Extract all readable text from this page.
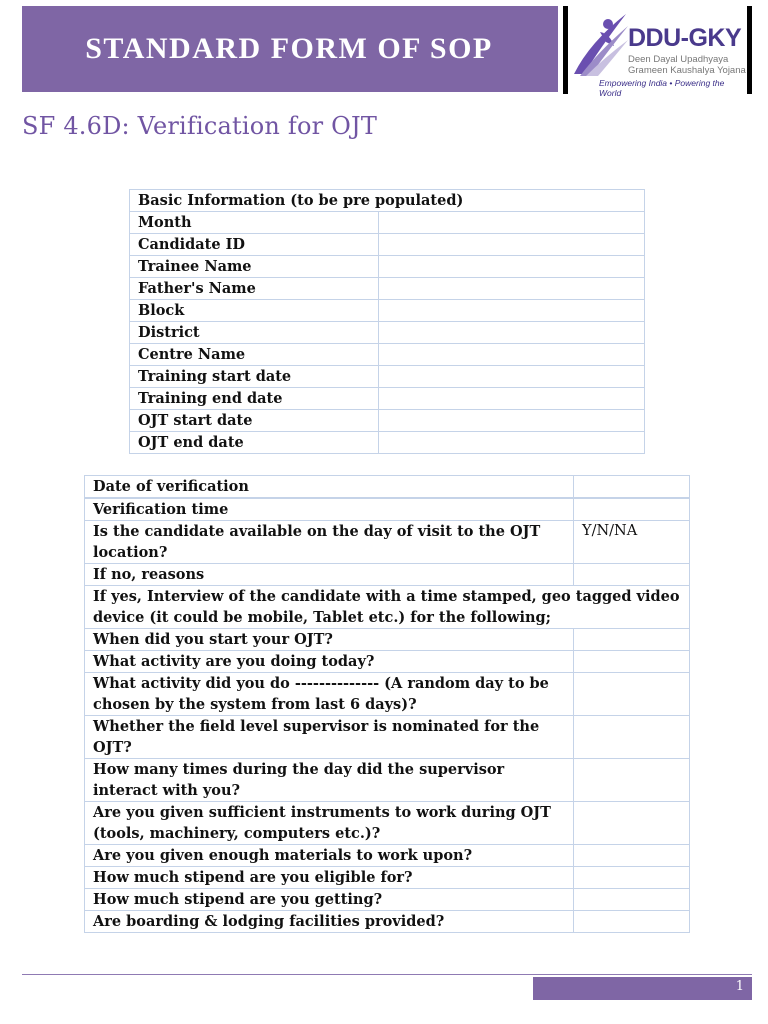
STANDARD FORM OF SOP	DDU-GKY
Deen Dayal Upadhyaya
Grameen Kaushalya Yojana
Empowering India • Powering the World
SF 4.6D: Verification for OJT
Basic Information (to be pre populated)	
Month	
Candidate ID	
Trainee Name	
Father's Name	
Block	
District	
Centre Name	
Training start date	
Training end date	
OJT start date	
OJT end date	
Date of verification	
Verification time	
Is the candidate available on the day of visit to the OJT location?	Y/N/NA
If no, reasons	
If yes, Interview of the candidate with a time stamped, geo tagged video device (it could be mobile, Tablet etc.) for the following;	
When did you start your OJT?	
What activity are you doing today?	
What activity did you do -------------- (A random day to be chosen by the system from last 6 days)?	
Whether the field level supervisor is nominated for the OJT?	
How many times during the day did the supervisor interact with you?	
Are you given sufficient instruments to work during OJT (tools, machinery, computers etc.)?	
Are you given enough materials to work upon?	
How much stipend are you eligible for?	
How much stipend are you getting?	
Are boarding & lodging facilities provided?	
1
